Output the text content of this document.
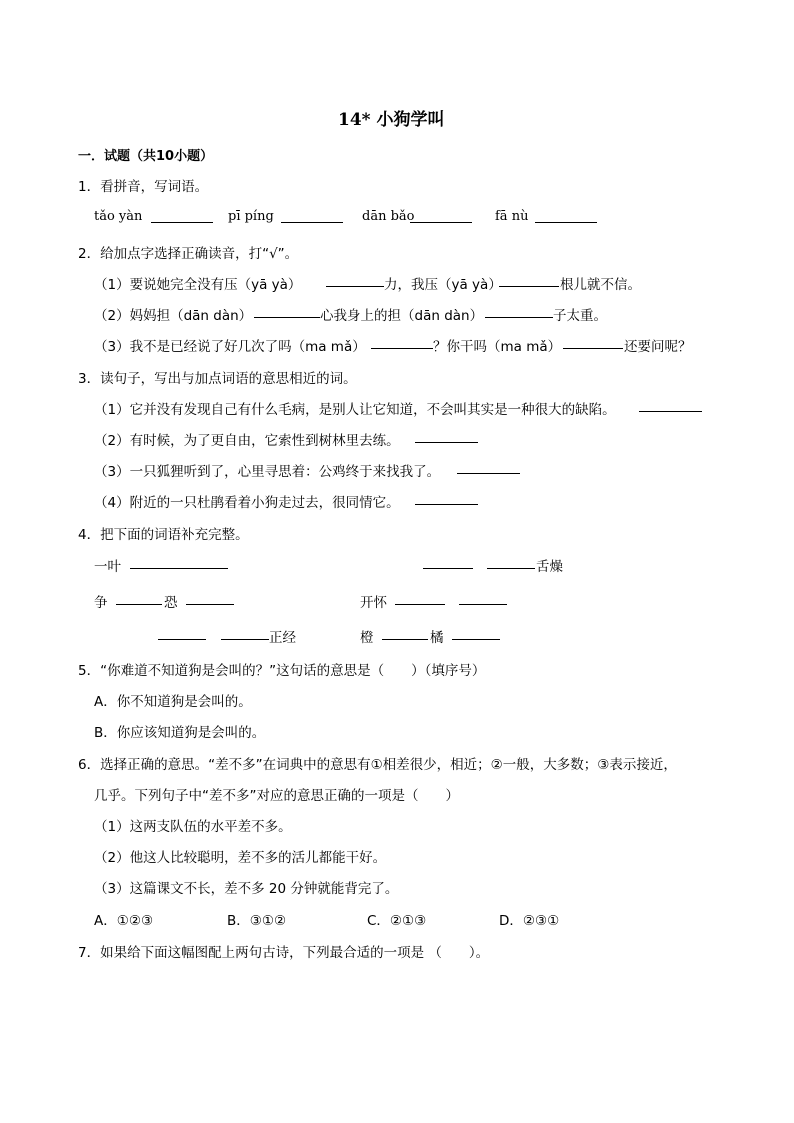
14* 小狗学叫
一．试题（共10小题）
1．看拼音，写词语。
tǎo yàn	pī píng	dān bǎo	fā nù
2．给加点字选择正确读音，打“√”。
（1）要说她完全没有压（yā yà）	力，我压（yā yà）	根儿就不信。
（2）妈妈担（dān dàn）	心我身上的担（dān dàn）	子太重。
（3）我不是已经说了好几次了吗（ma mǎ）	？你干吗（ma mǎ）	还要问呢？
3．读句子，写出与加点词语的意思相近的词。
（1）它并没有发现自己有什么毛病，是别人让它知道，不会叫其实是一种很大的缺陷。
（2）有时候，为了更自由，它索性到树林里去练。
（3）一只狐狸听到了，心里寻思着：公鸡终于来找我了。
（4）附近的一只杜鹃看着小狗走过去，很同情它。
4．把下面的词语补充完整。
一叶	舌燥
争	恐	开怀
正经	橙	橘
5．“你难道不知道狗是会叫的？”这句话的意思是（　　）（填序号）
A．你不知道狗是会叫的。
B．你应该知道狗是会叫的。
6．选择正确的意思。“差不多”在词典中的意思有①相差很少，相近；②一般，大多数；③表示接近，
几乎。下列句子中“差不多”对应的意思正确的一项是（　　）
（1）这两支队伍的水平差不多。
（2）他这人比较聪明，差不多的活儿都能干好。
（3）这篇课文不长，差不多 20 分钟就能背完了。
A．①②③	B．③①②	C．②①③	D．②③①
7．如果给下面这幅图配上两句古诗，下列最合适的一项是 （　　）。
